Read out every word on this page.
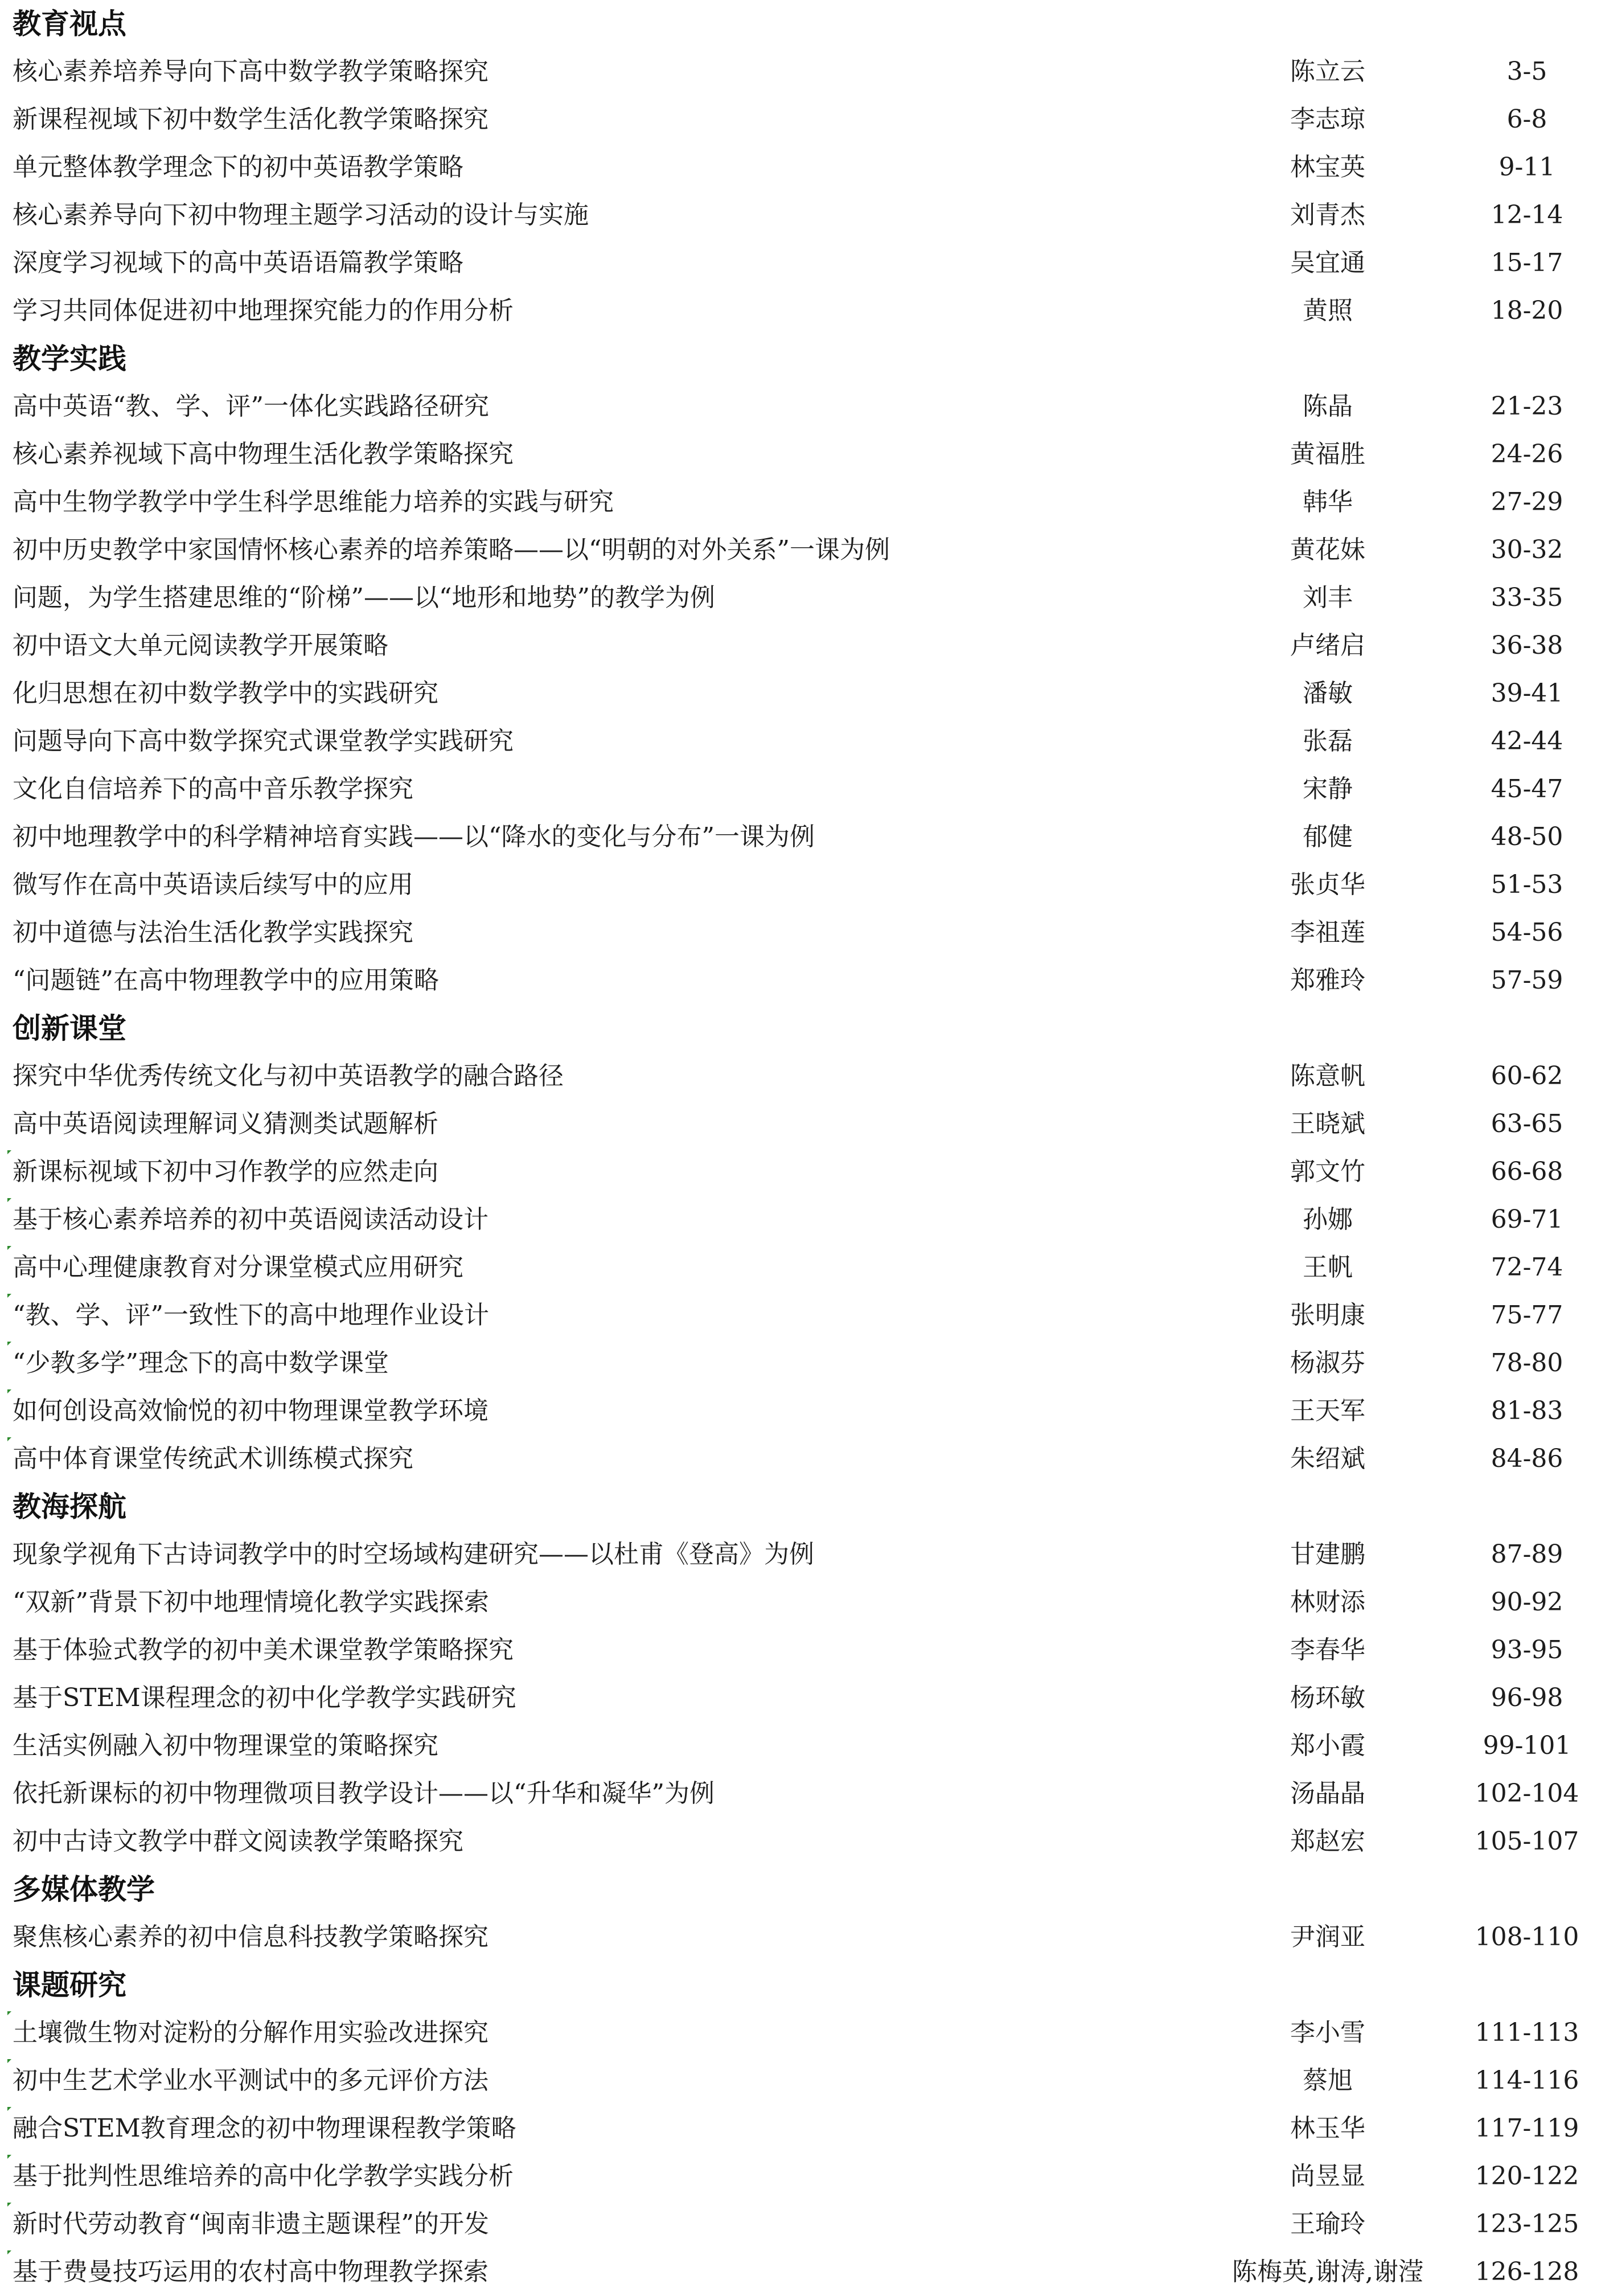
教育视点
核心素养培养导向下高中数学教学策略探究	陈立云	3-5
新课程视域下初中数学生活化教学策略探究	李志琼	6-8
单元整体教学理念下的初中英语教学策略	林宝英	9-11
核心素养导向下初中物理主题学习活动的设计与实施	刘青杰	12-14
深度学习视域下的高中英语语篇教学策略	吴宜通	15-17
学习共同体促进初中地理探究能力的作用分析	黄照	18-20
教学实践
高中英语“教、学、评”一体化实践路径研究	陈晶	21-23
核心素养视域下高中物理生活化教学策略探究	黄福胜	24-26
高中生物学教学中学生科学思维能力培养的实践与研究	韩华	27-29
初中历史教学中家国情怀核心素养的培养策略——以“明朝的对外关系”一课为例	黄花妹	30-32
问题，为学生搭建思维的“阶梯”——以“地形和地势”的教学为例	刘丰	33-35
初中语文大单元阅读教学开展策略	卢绪启	36-38
化归思想在初中数学教学中的实践研究	潘敏	39-41
问题导向下高中数学探究式课堂教学实践研究	张磊	42-44
文化自信培养下的高中音乐教学探究	宋静	45-47
初中地理教学中的科学精神培育实践——以“降水的变化与分布”一课为例	郁健	48-50
微写作在高中英语读后续写中的应用	张贞华	51-53
初中道德与法治生活化教学实践探究	李祖莲	54-56
“问题链”在高中物理教学中的应用策略	郑雅玲	57-59
创新课堂
探究中华优秀传统文化与初中英语教学的融合路径	陈意帆	60-62
高中英语阅读理解词义猜测类试题解析	王晓斌	63-65
新课标视域下初中习作教学的应然走向	郭文竹	66-68
基于核心素养培养的初中英语阅读活动设计	孙娜	69-71
高中心理健康教育对分课堂模式应用研究	王帆	72-74
“教、学、评”一致性下的高中地理作业设计	张明康	75-77
“少教多学”理念下的高中数学课堂	杨淑芬	78-80
如何创设高效愉悦的初中物理课堂教学环境	王天军	81-83
高中体育课堂传统武术训练模式探究	朱绍斌	84-86
教海探航
现象学视角下古诗词教学中的时空场域构建研究——以杜甫《登高》为例	甘建鹏	87-89
“双新”背景下初中地理情境化教学实践探索	林财添	90-92
基于体验式教学的初中美术课堂教学策略探究	李春华	93-95
基于STEM课程理念的初中化学教学实践研究	杨环敏	96-98
生活实例融入初中物理课堂的策略探究	郑小霞	99-101
依托新课标的初中物理微项目教学设计——以“升华和凝华”为例	汤晶晶	102-104
初中古诗文教学中群文阅读教学策略探究	郑赵宏	105-107
多媒体教学
聚焦核心素养的初中信息科技教学策略探究	尹润亚	108-110
课题研究
土壤微生物对淀粉的分解作用实验改进探究	李小雪	111-113
初中生艺术学业水平测试中的多元评价方法	蔡旭	114-116
融合STEM教育理念的初中物理课程教学策略	林玉华	117-119
基于批判性思维培养的高中化学教学实践分析	尚昱显	120-122
新时代劳动教育“闽南非遗主题课程”的开发	王瑜玲	123-125
基于费曼技巧运用的农村高中物理教学探索	陈梅英,谢涛,谢滢	126-128
